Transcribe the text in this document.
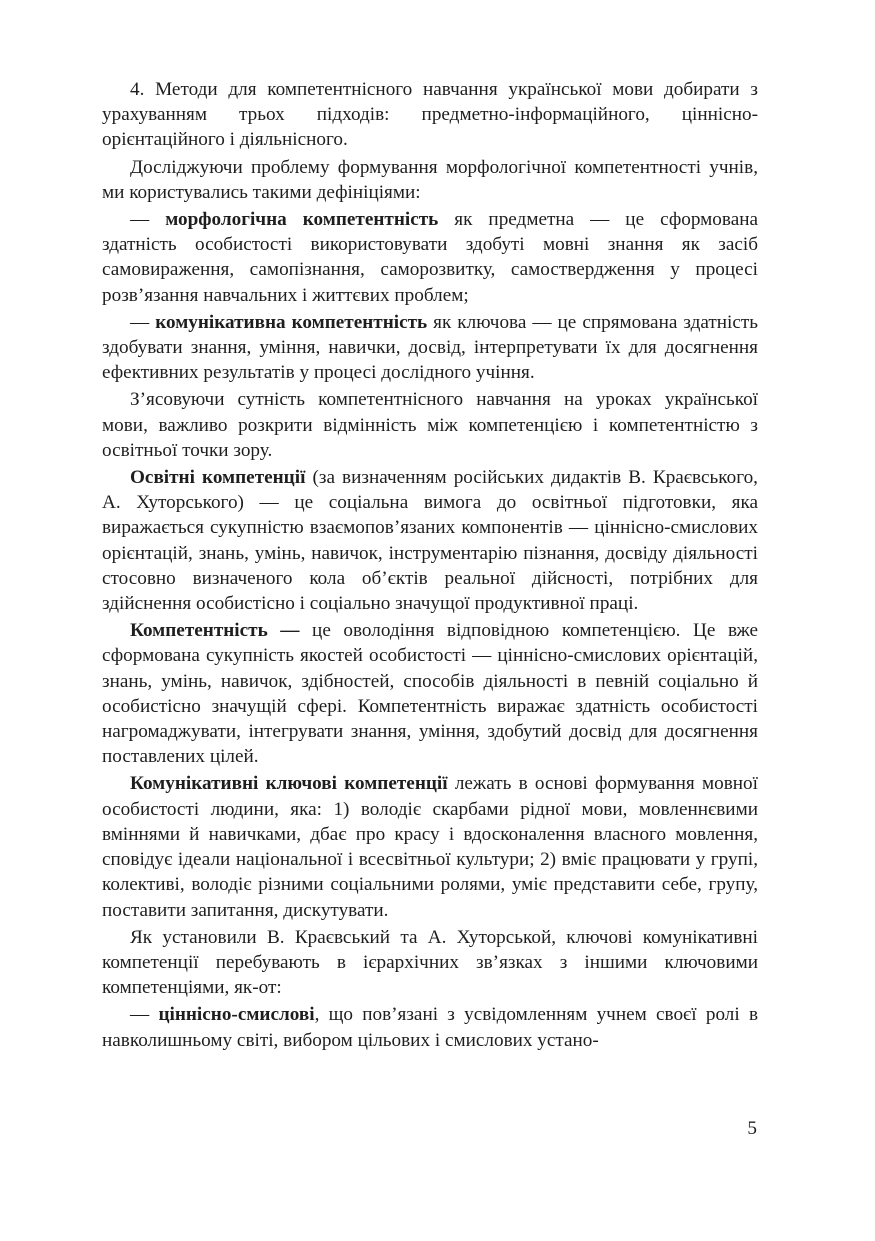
4. Методи для компетентнісного навчання української мови добирати з урахуванням трьох підходів: предметно-інформаційного, ціннісно-орієнтаційного і діяльнісного.

Досліджуючи проблему формування морфологічної компетентності учнів, ми користувались такими дефініціями:

— морфологічна компетентність як предметна — це сформована здатність особистості використовувати здобуті мовні знання як засіб самовираження, самопізнання, саморозвитку, самоствердження у процесі розв’язання навчальних і життєвих проблем;

— комунікативна компетентність як ключова — це спрямована здатність здобувати знання, уміння, навички, досвід, інтерпретувати їх для досягнення ефективних результатів у процесі дослідного учіння.

З’ясовуючи сутність компетентнісного навчання на уроках української мови, важливо розкрити відмінність між компетенцією і компетентністю з освітньої точки зору.

Освітні компетенції (за визначенням російських дидактів В. Краєвського, А. Хуторського) — це соціальна вимога до освітньої підготовки, яка виражається сукупністю взаємопов’язаних компонентів — ціннісно-смислових орієнтацій, знань, умінь, навичок, інструментарію пізнання, досвіду діяльності стосовно визначеного кола об’єктів реальної дійсності, потрібних для здійснення особистісно і соціально значущої продуктивної праці.

Компетентність — це оволодіння відповідною компетенцією. Це вже сформована сукупність якостей особистості — ціннісно-смислових орієнтацій, знань, умінь, навичок, здібностей, способів діяльності в певній соціально й особистісно значущій сфері. Компетентність виражає здатність особистості нагромаджувати, інтегрувати знання, уміння, здобутий досвід для досягнення поставлених цілей.

Комунікативні ключові компетенції лежать в основі формування мовної особистості людини, яка: 1) володіє скарбами рідної мови, мовленнєвими вміннями й навичками, дбає про красу і вдосконалення власного мовлення, сповідує ідеали національної і всесвітньої культури; 2) вміє працювати у групі, колективі, володіє різними соціальними ролями, уміє представити себе, групу, поставити запитання, дискутувати.

Як установили В. Краєвський та А. Хуторськой, ключові комунікативні компетенції перебувають в ієрархічних зв’язках з іншими ключовими компетенціями, як-от:

— ціннісно-смислові, що пов’язані з усвідомленням учнем своєї ролі в навколишньому світі, вибором цільових і смислових устано-

5
